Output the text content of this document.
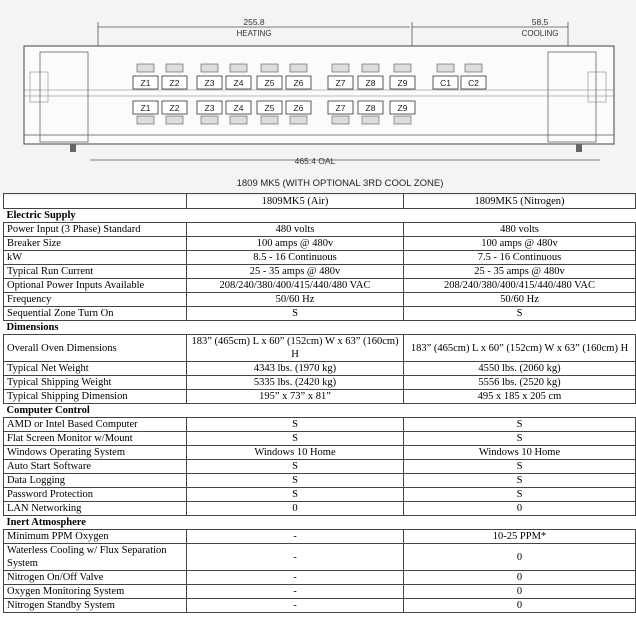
255.8
HEATING
58.5
COOLING
Z1
Z1
Z2
Z2
Z3
Z3
Z4
Z4
Z5
Z5
Z6
Z6
Z7
Z7
Z8
Z8
Z9
Z9
C1 C2
465.4 OAL
1809 MK5 (WITH OPTIONAL 3RD COOL ZONE)
	1809MK5 (Air)	1809MK5 (Nitrogen)
Electric Supply		
Power Input (3 Phase) Standard	480 volts	480 volts
Breaker Size	100 amps @ 480v	100 amps @ 480v
kW	8.5 - 16 Continuous	7.5 - 16 Continuous
Typical Run Current	25 - 35 amps @ 480v	25 - 35 amps @ 480v
Optional Power Inputs Available	208/240/380/400/415/440/480 VAC	208/240/380/400/415/440/480 VAC
Frequency	50/60 Hz	50/60 Hz
Sequential Zone Turn On	S	S
Dimensions		
Overall Oven Dimensions	183” (465cm) L x 60” (152cm) W x 63” (160cm) H	183” (465cm) L x 60” (152cm) W x 63” (160cm) H
Typical Net Weight	4343 lbs. (1970 kg)	4550 lbs. (2060 kg)
Typical Shipping Weight	5335 lbs. (2420 kg)	5556 lbs. (2520 kg)
Typical Shipping Dimension	195” x 73” x 81”	495 x 185 x 205 cm
Computer Control		
AMD or Intel Based Computer	S	S
Flat Screen Monitor w/Mount	S	S
Windows Operating System	Windows 10 Home	Windows 10 Home
Auto Start Software	S	S
Data Logging	S	S
Password Protection	S	S
LAN Networking	0	0
Inert Atmosphere		
Minimum PPM Oxygen	-	10-25 PPM*
Waterless Cooling w/ Flux Separation System	-	0
Nitrogen On/Off Valve	-	0
Oxygen Monitoring System	-	0
Nitrogen Standby System	-	0
